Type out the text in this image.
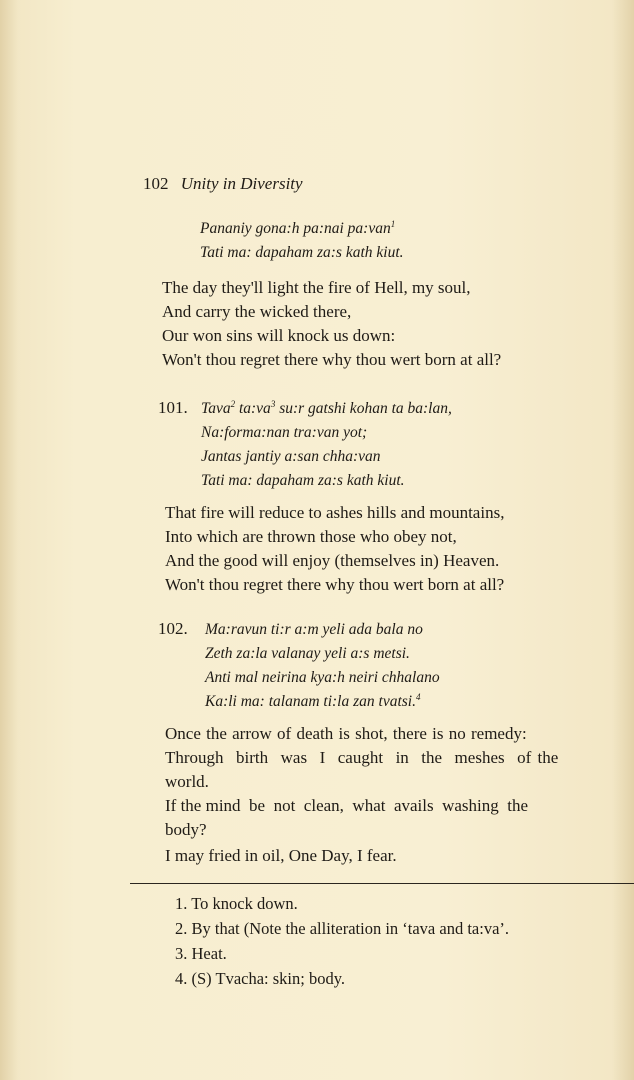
102 Unity in Diversity
Pananiy gona:h pa:nai pa:van$^1$
Tati ma: dapaham za:s kath kiut.
The day they'll light the fire of Hell, my soul,
And carry the wicked there,
Our won sins will knock us down:
Won't thou regret there why thou wert born at all?
101. Tava$^2$ $ta:va^3$ su:r gatshi kohan ta ba:lan,
Na:forma:nan tra:van yot;
Jantas jantiy a:san chha:van
Tati ma: dapaham za:s kath kiut.
That fire will reduce to ashes hills and mountains,
Into which are thrown those who obey not,
And the good will enjoy (themselves in) Heaven.
Won't thou regret there why thou wert born at all?
102. Ma:ravun ti:r a:m yeli ada bala no
Zeth za:la valanay yeli a:s metsi.
Anti mal neirina kya:h neiri chhalano
Ka:li ma: talanam ti:la zan tvatsi.$^4$
Once the arrow of death is shot, there is no remedy:
Through  birth  was  I  caught  in  the  meshes  of the
world.
If the mind  be  not  clean,  what  avails  washing  the
body?
I may fried in oil, One Day, I fear.
1. To knock down.
2. By that (Note the alliteration in ‘tava and ta:va’.
3. Heat.
4. (S) Tvacha: skin; body.
